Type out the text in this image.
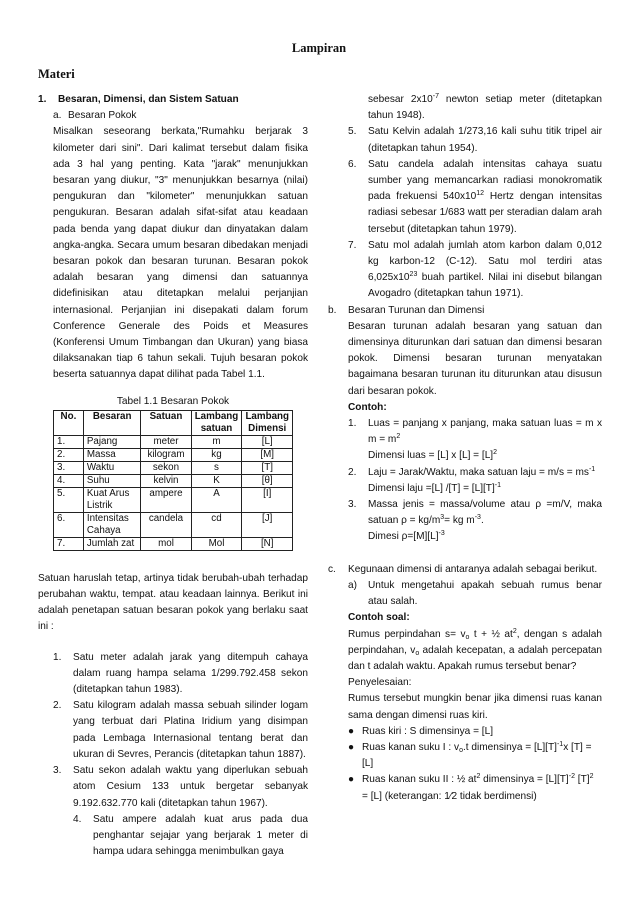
Lampiran
Materi
1.	Besaran, Dimensi, dan Sistem Satuan
a. Besaran Pokok

Misalkan seseorang berkata,"Rumahku berjarak 3 kilometer dari sini". Dari kalimat tersebut dalam fisika ada 3 hal yang penting. Kata "jarak" menunjukkan besaran yang diukur, "3" menunjukkan besarnya (nilai) pengukuran dan "kilometer" menunjukkan satuan pengukuran. Besaran adalah sifat-sifat atau keadaan pada benda yang dapat diukur dan dinyatakan dalam angka-angka. Secara umum besaran dibedakan menjadi besaran pokok dan besaran turunan. Besaran pokok adalah besaran yang dimensi dan satuannya didefinisikan atau ditetapkan melalui perjanjian internasional. Perjanjian ini disepakati dalam forum Conference Generale des Poids et Measures (Konferensi Umum Timbangan dan Ukuran) yang biasa dilaksanakan tiap 6 tahun sekali. Tujuh besaran pokok beserta satuannya dapat dilihat pada Tabel 1.1.

Tabel 1.1 Besaran Pokok
No.	Besaran	Satuan	Lambang satuan	Lambang Dimensi
1.	Pajang	meter	m	[L]
2.	Massa	kilogram	kg	[M]
3.	Waktu	sekon	s	[T]
4.	Suhu	kelvin	K	[θ]
5.	Kuat Arus Listrik	ampere	A	[I]
6.	Intensitas Cahaya	candela	cd	[J]
7.	Jumlah zat	mol	Mol	[N]

Satuan haruslah tetap, artinya tidak berubah-ubah terhadap perubahan waktu, tempat. atau keadaan lainnya. Berikut ini adalah penetapan satuan besaran pokok yang berlaku saat ini :

1.	Satu meter adalah jarak yang ditempuh cahaya dalam ruang hampa selama 1/299.792.458 sekon (ditetapkan tahun 1983).
2.	Satu kilogram adalah massa sebuah silinder logam yang terbuat dari Platina Iridium yang disimpan pada Lembaga Internasional tentang berat dan ukuran di Sevres, Perancis (ditetapkan tahun 1887).
3.	Satu sekon adalah waktu yang diperlukan sebuah atom Cesium 133 untuk bergetar sebanyak 9.192.632.770 kali (ditetapkan tahun 1967).
4.	Satu ampere adalah kuat arus pada dua penghantar sejajar yang berjarak 1 meter di hampa udara sehingga menimbulkan gaya

sebesar $2x10^{-7}$ newton setiap meter (ditetapkan tahun 1948).

5.	Satu Kelvin adalah 1/273,16 kali suhu titik tripel air (ditetapkan tahun 1954).
6.	Satu candela adalah intensitas cahaya suatu sumber yang memancarkan radiasi monokromatik pada frekuensi $540x10^{12}$ Hertz dengan intensitas radiasi sebesar 1/683 watt per steradian dalam arah tersebut (ditetapkan tahun 1979).
7.	Satu mol adalah jumlah atom karbon dalam 0,012 kg karbon-12 (C-12). Satu mol terdiri atas $6,025x10^{23}$ buah partikel. Nilai ini disebut bilangan Avogadro (ditetapkan tahun 1971).
b.	Besaran Turunan dan Dimensi

Besaran turunan adalah besaran yang satuan dan dimensinya diturunkan dari satuan dan dimensi besaran pokok. Dimensi besaran turunan menyatakan bagaimana besaran turunan itu diturunkan atau disusun dari besaran pokok.

Contoh:

1.	Luas = panjang x panjang, maka satuan luas = m x $m = m^2$
Dimensi luas = [L] x $[L] = [L]^2$
2.	Laju = Jarak/Waktu, maka satuan laju = $m/s = ms^{-1}$
Dimensi laju =[L] $/[T] = [L][T]^{-1}$
3.	Massa jenis = massa/volume atau ρ =m/V, maka satuan $\rho = kg/m^3=$ kg $m^{-3}$.
Dimesi $\rho=[M][L]^{-3}$
c.	Kegunaan dimensi di antaranya adalah sebagai berikut.
a)	Untuk mengetahui apakah sebuah rumus benar atau salah.

Contoh soal:

Rumus perpindahan $s= v_o$ t + ½ $at^2$, dengan s adalah perpindahan, $v_o$ adalah kecepatan, a adalah percepatan dan t adalah waktu. Apakah rumus tersebut benar?

Penyelesaian:

Rumus tersebut mungkin benar jika dimensi ruas kanan sama dengan dimensi ruas kiri.

● Ruas kiri : S dimensinya = [L]
● Ruas kanan suku I : $v_o.t$ dimensinya = $[L][T]^{-1}x$ [T] = [L]
● Ruas kanan suku II : ½ $at^2$ dimensinya = $[L][T]^{-2}$ $[T]^2 = [L]$ (keterangan: 1⁄2 tidak berdimensi)
